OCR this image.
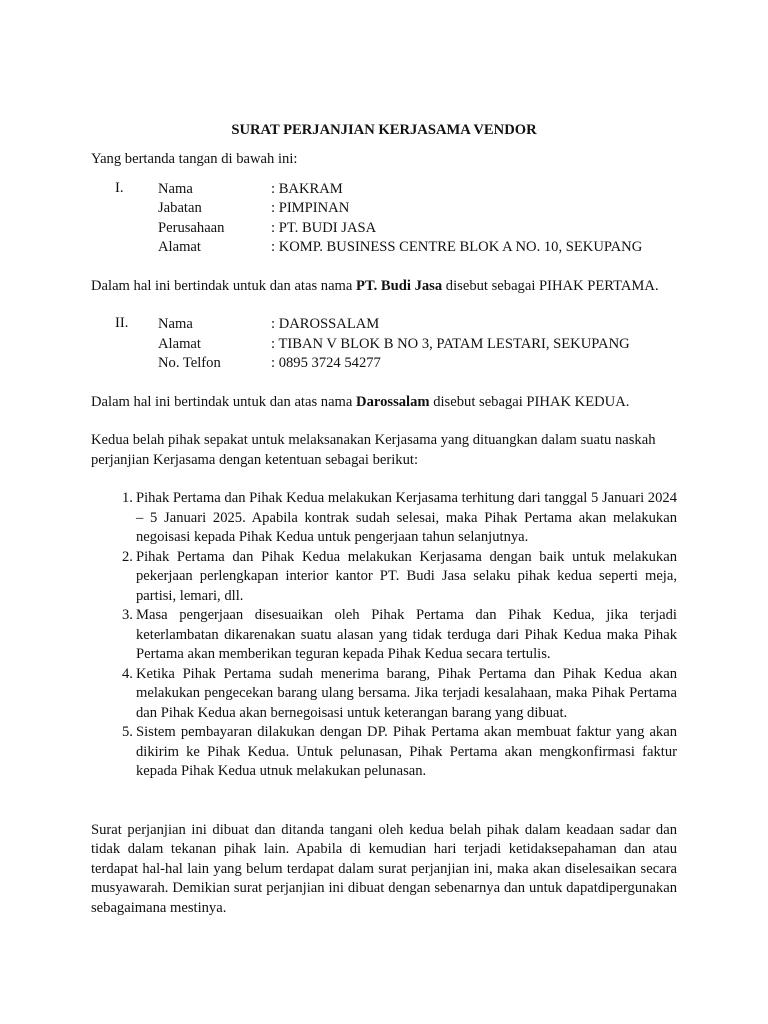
SURAT PERJANJIAN KERJASAMA VENDOR

Yang bertanda tangan di bawah ini:

I.	Nama	: BAKRAM
Jabatan	: PIMPINAN
Perusahaan	: PT. BUDI JASA
Alamat	: KOMP. BUSINESS CENTRE BLOK A NO. 10, SEKUPANG

Dalam hal ini bertindak untuk dan atas nama PT. Budi Jasa disebut sebagai PIHAK PERTAMA.

II.	Nama	: DAROSSALAM
Alamat	: TIBAN V BLOK B NO 3, PATAM LESTARI, SEKUPANG
No. Telfon	: 0895 3724 54277

Dalam hal ini bertindak untuk dan atas nama Darossalam disebut sebagai PIHAK KEDUA.

Kedua belah pihak sepakat untuk melaksanakan Kerjasama yang dituangkan dalam suatu naskah perjanjian Kerjasama dengan ketentuan sebagai berikut:

1. Pihak Pertama dan Pihak Kedua melakukan Kerjasama terhitung dari tanggal 5 Januari 2024 – 5 Januari 2025. Apabila kontrak sudah selesai, maka Pihak Pertama akan melakukan negoisasi kepada Pihak Kedua untuk pengerjaan tahun selanjutnya.
2. Pihak Pertama dan Pihak Kedua melakukan Kerjasama dengan baik untuk melakukan pekerjaan perlengkapan interior kantor PT. Budi Jasa selaku pihak kedua seperti meja, partisi, lemari, dll.
3. Masa pengerjaan disesuaikan oleh Pihak Pertama dan Pihak Kedua, jika terjadi keterlambatan dikarenakan suatu alasan yang tidak terduga dari Pihak Kedua maka Pihak Pertama akan memberikan teguran kepada Pihak Kedua secara tertulis.
4. Ketika Pihak Pertama sudah menerima barang, Pihak Pertama dan Pihak Kedua akan melakukan pengecekan barang ulang bersama. Jika terjadi kesalahaan, maka Pihak Pertama dan Pihak Kedua akan bernegoisasi untuk keterangan barang yang dibuat.
5. Sistem pembayaran dilakukan dengan DP. Pihak Pertama akan membuat faktur yang akan dikirim ke Pihak Kedua. Untuk pelunasan, Pihak Pertama akan mengkonfirmasi faktur kepada Pihak Kedua utnuk melakukan pelunasan.

Surat perjanjian ini dibuat dan ditanda tangani oleh kedua belah pihak dalam keadaan sadar dan tidak dalam tekanan pihak lain. Apabila di kemudian hari terjadi ketidaksepahaman dan atau terdapat hal-hal lain yang belum terdapat dalam surat perjanjian ini, maka akan diselesaikan secara musyawarah. Demikian surat perjanjian ini dibuat dengan sebenarnya dan untuk dapatdipergunakan sebagaimana mestinya.
